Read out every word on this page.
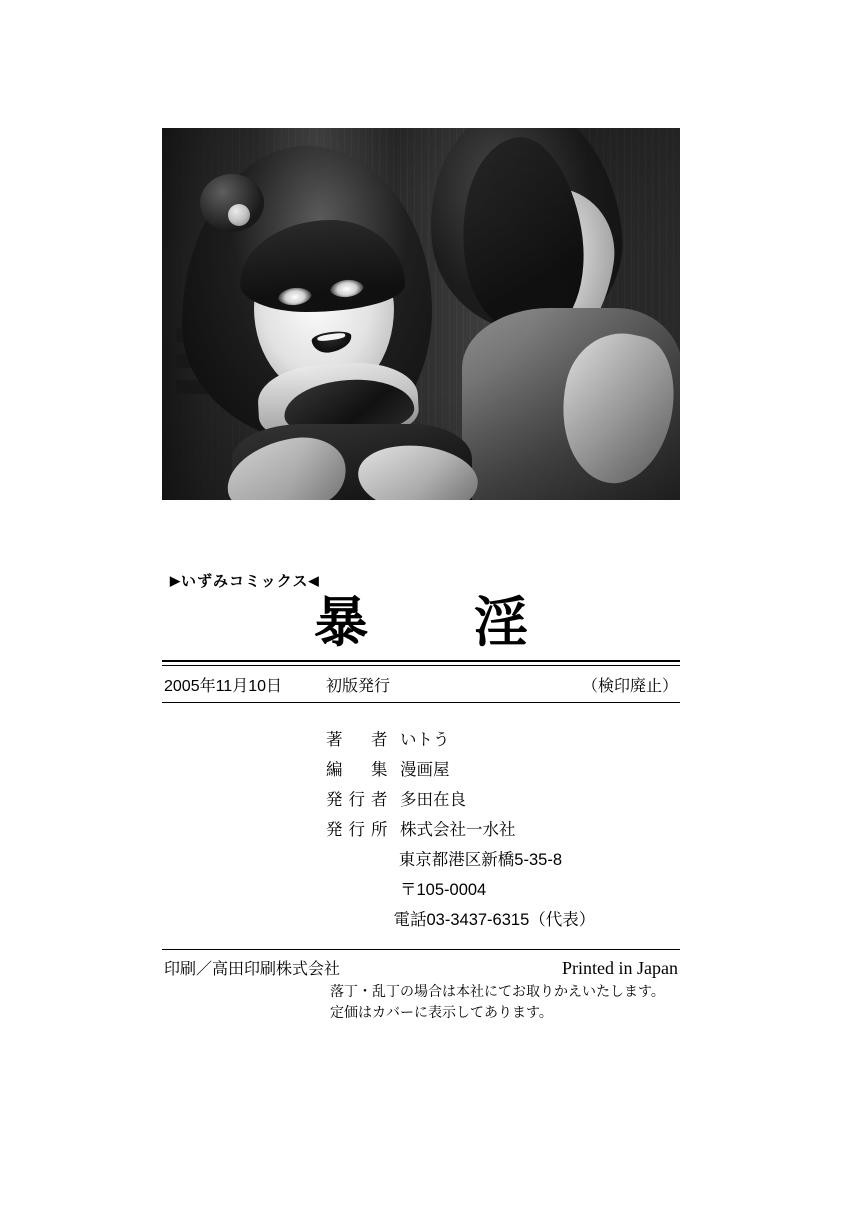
▶いずみコミックス◀
暴　淫
2005年11月10日	初版発行	（検印廃止）
著　者 いトう
編　集 漫画屋
発行者 多田在良
発行所 株式会社一水社
東京都港区新橋5-35-8
〒105-0004
電話03-3437-6315（代表）
印刷／高田印刷株式会社	Printed in Japan
落丁・乱丁の場合は本社にてお取りかえいたします。
定価はカバーに表示してあります。
